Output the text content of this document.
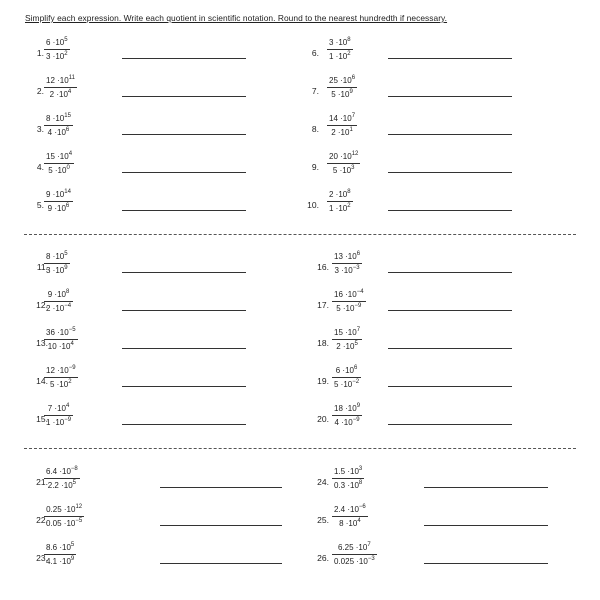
Simplify each expression. Write each quotient in scientific notation. Round to the nearest hundredth if necessary.
1.
$6 \cdot 10^5$
$3 \cdot 10^2$	6.
$3 \cdot 10^8$
$1 \cdot 10^2$
2.
$12 \cdot 10^{11}$
$2 \cdot 10^4$	7.
$25 \cdot 10^6$
$5 \cdot 10^9$
3.
$8 \cdot 10^{15}$
$4 \cdot 10^6$	8.
$14 \cdot 10^7$
$2 \cdot 10^1$
4.
$15 \cdot 10^4$
$5 \cdot 10^0$	9.
$20 \cdot 10^{12}$
$5 \cdot 10^3$
5.
$9 \cdot 10^{14}$
$9 \cdot 10^6$	10.
$2 \cdot 10^8$
$1 \cdot 10^2$
11.
$8 \cdot 10^5$
$3 \cdot 10^9$	16.
$13 \cdot 10^6$
$3 \cdot 10^{-3}$
12.
$9 \cdot 10^8$
$2 \cdot 10^{-4}$	17.
$16 \cdot 10^{-4}$
$5 \cdot 10^{-9}$
13.
$36 \cdot 10^{-5}$
$10 \cdot 10^4$	18.
$15 \cdot 10^7$
$2 \cdot 10^5$
14.
$12 \cdot 10^{-9}$
$5 \cdot 10^2$	19.
$6 \cdot 10^6$
$5 \cdot 10^{-2}$
15.
$7 \cdot 10^4$
$1 \cdot 10^{-9}$	20.
$18 \cdot 10^9$
$4 \cdot 10^{-9}$
21.
$6.4 \cdot 10^{-8}$
$2.2 \cdot 10^5$	24.
$1.5 \cdot 10^3$
$0.3 \cdot 10^8$
22.
$0.25 \cdot 10^{12}$
$0.05 \cdot 10^{-5}$	25.
$2.4 \cdot 10^{-6}$
$8 \cdot 10^4$
23.
$8.6 \cdot 10^5$
$4.1 \cdot 10^9$	26.
$6.25 \cdot 10^7$
$0.025 \cdot 10^{-3}$
